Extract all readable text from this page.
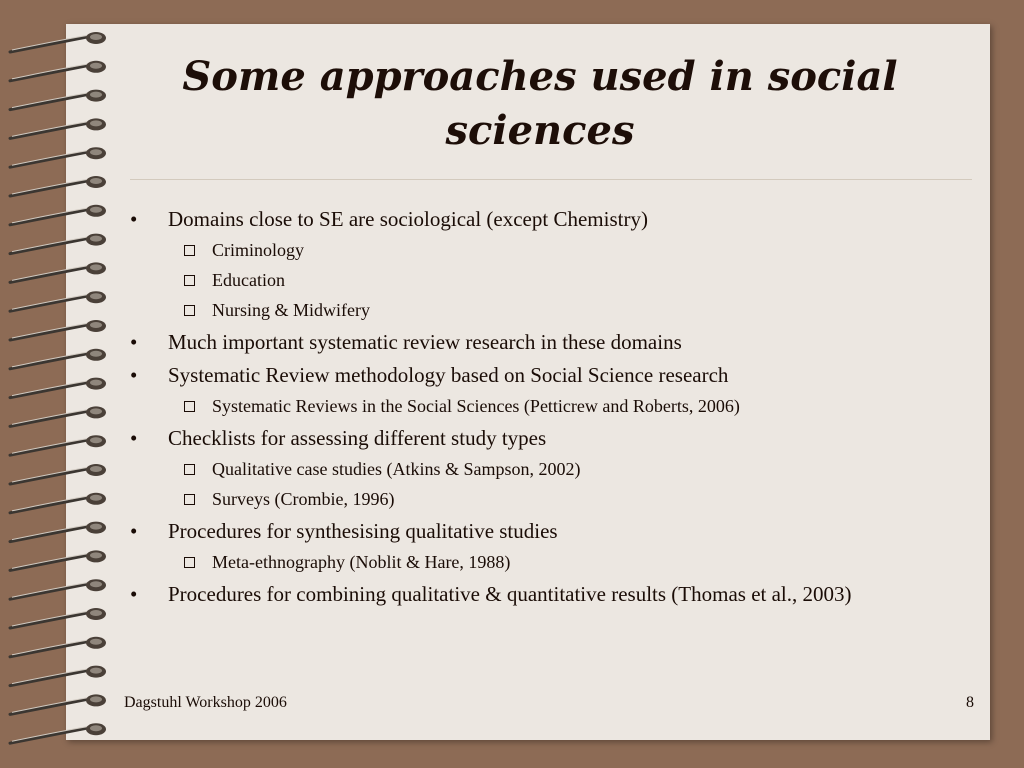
Some approaches used in social sciences
•	Domains close to SE are sociological (except Chemistry)
Criminology
Education
Nursing & Midwifery
•	Much important systematic review research in these domains
•	Systematic Review methodology based on Social Science research
Systematic Reviews in the Social Sciences (Petticrew and Roberts, 2006)
•	Checklists for assessing different study types
Qualitative case studies (Atkins & Sampson, 2002)
Surveys (Crombie, 1996)
•	Procedures for synthesising qualitative studies
Meta-ethnography (Noblit & Hare, 1988)
•	Procedures for combining qualitative & quantitative results (Thomas et al., 2003)
Dagstuhl Workshop 2006	8
